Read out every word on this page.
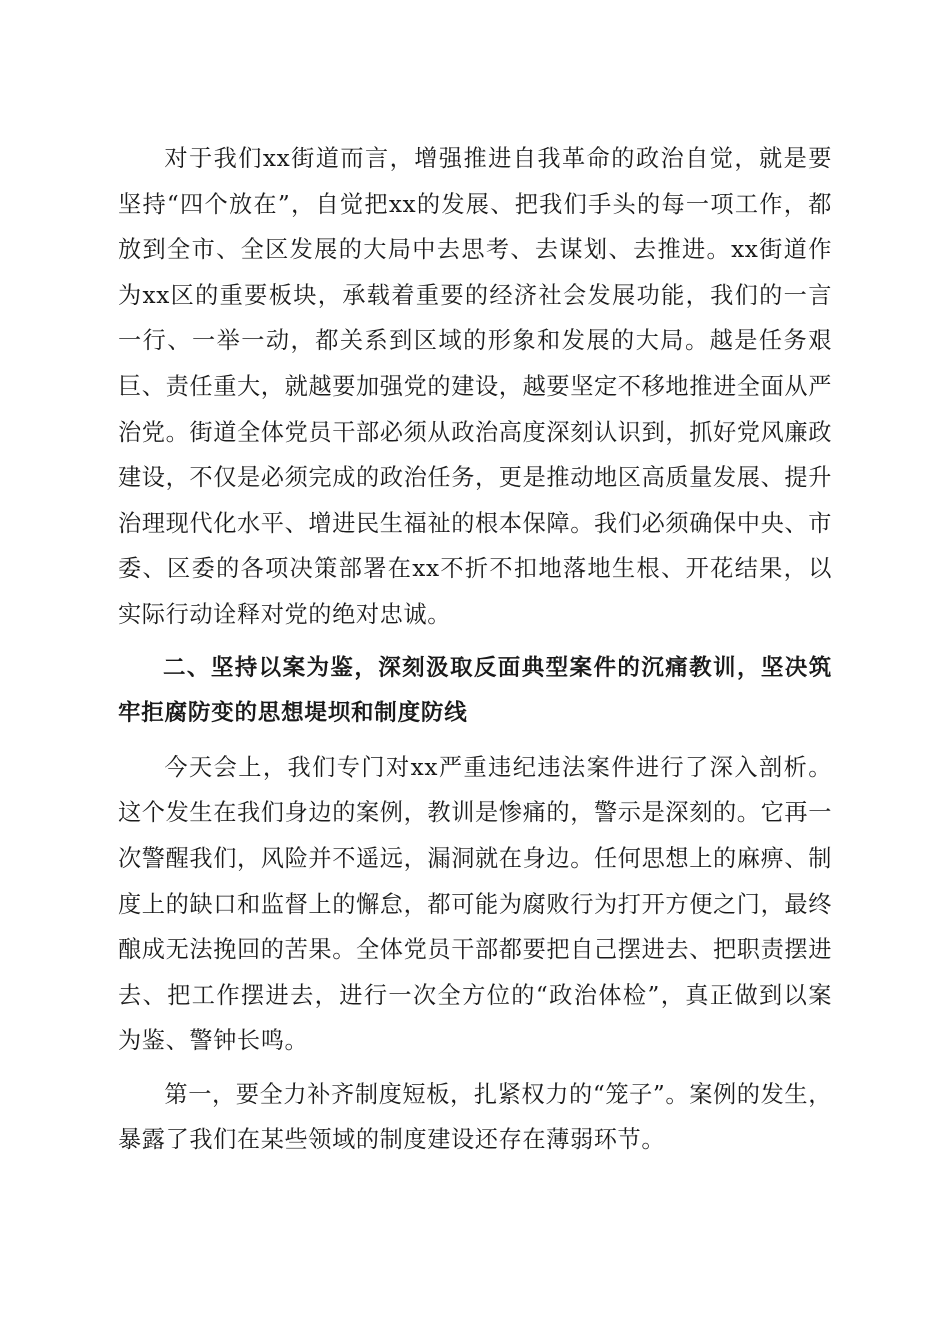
对于我们xx街道而言，增强推进自我革命的政治自觉，就是要坚持“四个放在”，自觉把xx的发展、把我们手头的每一项工作，都放到全市、全区发展的大局中去思考、去谋划、去推进。xx街道作为xx区的重要板块，承载着重要的经济社会发展功能，我们的一言一行、一举一动，都关系到区域的形象和发展的大局。越是任务艰巨、责任重大，就越要加强党的建设，越要坚定不移地推进全面从严治党。街道全体党员干部必须从政治高度深刻认识到，抓好党风廉政建设，不仅是必须完成的政治任务，更是推动地区高质量发展、提升治理现代化水平、增进民生福祉的根本保障。我们必须确保中央、市委、区委的各项决策部署在xx不折不扣地落地生根、开花结果，以实际行动诠释对党的绝对忠诚。

二、坚持以案为鉴，深刻汲取反面典型案件的沉痛教训，坚决筑牢拒腐防变的思想堤坝和制度防线

今天会上，我们专门对xx严重违纪违法案件进行了深入剖析。这个发生在我们身边的案例，教训是惨痛的，警示是深刻的。它再一次警醒我们，风险并不遥远，漏洞就在身边。任何思想上的麻痹、制度上的缺口和监督上的懈怠，都可能为腐败行为打开方便之门，最终酿成无法挽回的苦果。全体党员干部都要把自己摆进去、把职责摆进去、把工作摆进去，进行一次全方位的“政治体检”，真正做到以案为鉴、警钟长鸣。

第一，要全力补齐制度短板，扎紧权力的“笼子”。案例的发生，暴露了我们在某些领域的制度建设还存在薄弱环节。
